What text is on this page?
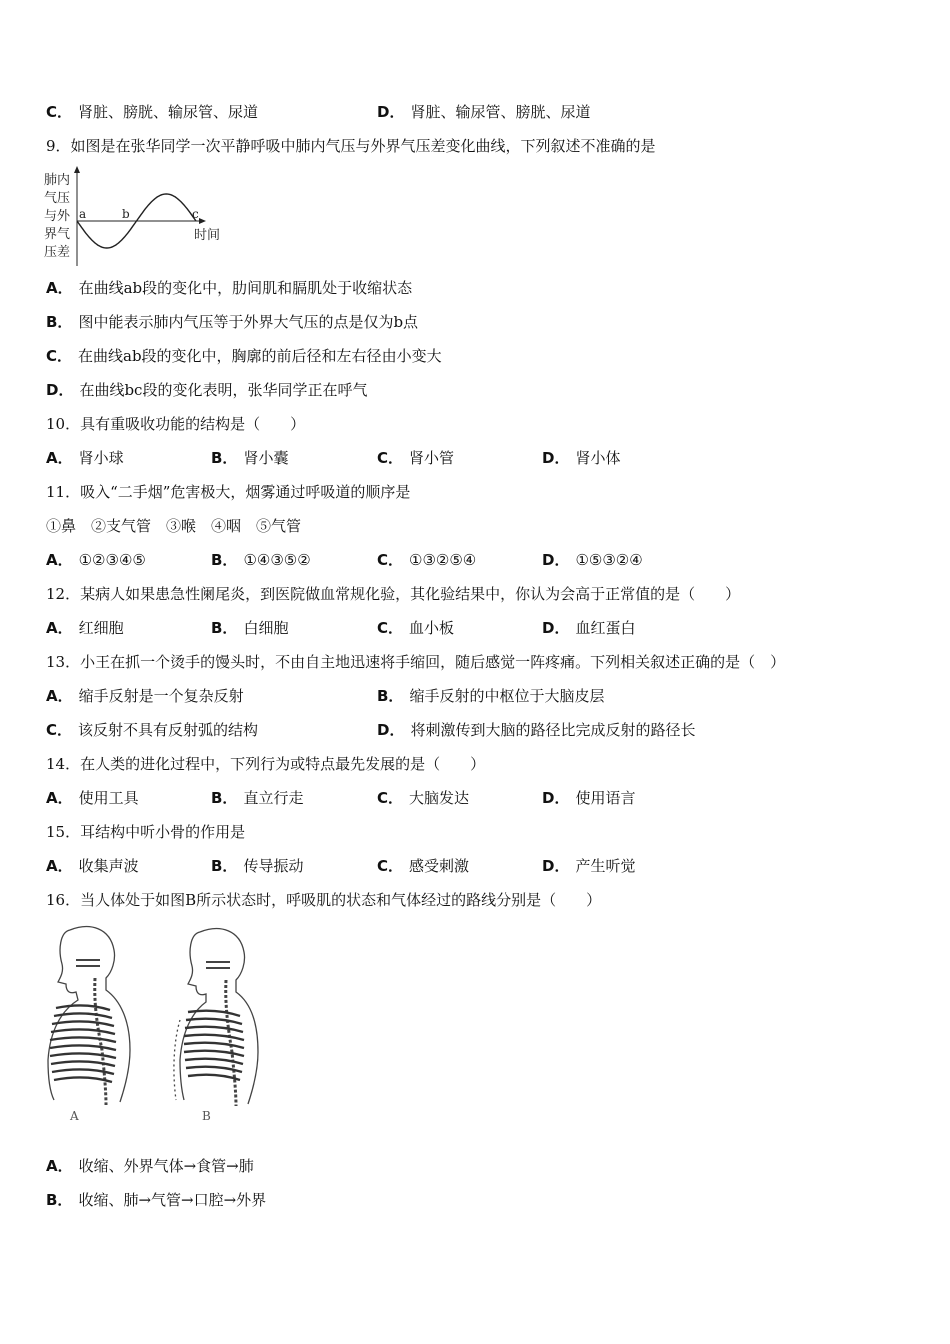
C． 肾脏、膀胱、输尿管、尿道	D． 肾脏、输尿管、膀胱、尿道
9．如图是在张华同学一次平静呼吸中肺内气压与外界气压差变化曲线，下列叙述不准确的是
肺内
气压
与外
界气
压差
a	b	c
时间
A． 在曲线ab段的变化中，肋间肌和膈肌处于收缩状态
B． 图中能表示肺内气压等于外界大气压的点是仅为b点
C． 在曲线ab段的变化中，胸廓的前后径和左右径由小变大
D． 在曲线bc段的变化表明，张华同学正在呼气
10．具有重吸收功能的结构是（　　）
A． 肾小球	B． 肾小囊	C． 肾小管	D． 肾小体
11．吸入“二手烟”危害极大，烟雾通过呼吸道的顺序是
①鼻　②支气管　③喉　④咽　⑤气管
A． ①②③④⑤	B． ①④③⑤②	C． ①③②⑤④	D． ①⑤③②④
12．某病人如果患急性阑尾炎，到医院做血常规化验，其化验结果中，你认为会高于正常值的是（　　）
A． 红细胞	B． 白细胞	C． 血小板	D． 血红蛋白
13．小王在抓一个烫手的馒头时，不由自主地迅速将手缩回，随后感觉一阵疼痛。下列相关叙述正确的是（　）
A． 缩手反射是一个复杂反射	B． 缩手反射的中枢位于大脑皮层
C． 该反射不具有反射弧的结构	D． 将刺激传到大脑的路径比完成反射的路径长
14．在人类的进化过程中，下列行为或特点最先发展的是（　　）
A． 使用工具	B． 直立行走	C． 大脑发达	D． 使用语言
15．耳结构中听小骨的作用是
A． 收集声波	B． 传导振动	C． 感受刺激	D． 产生听觉
16．当人体处于如图B所示状态时，呼吸肌的状态和气体经过的路线分别是（　　）
A	B
A． 收缩、外界气体→食管→肺
B． 收缩、肺→气管→口腔→外界
